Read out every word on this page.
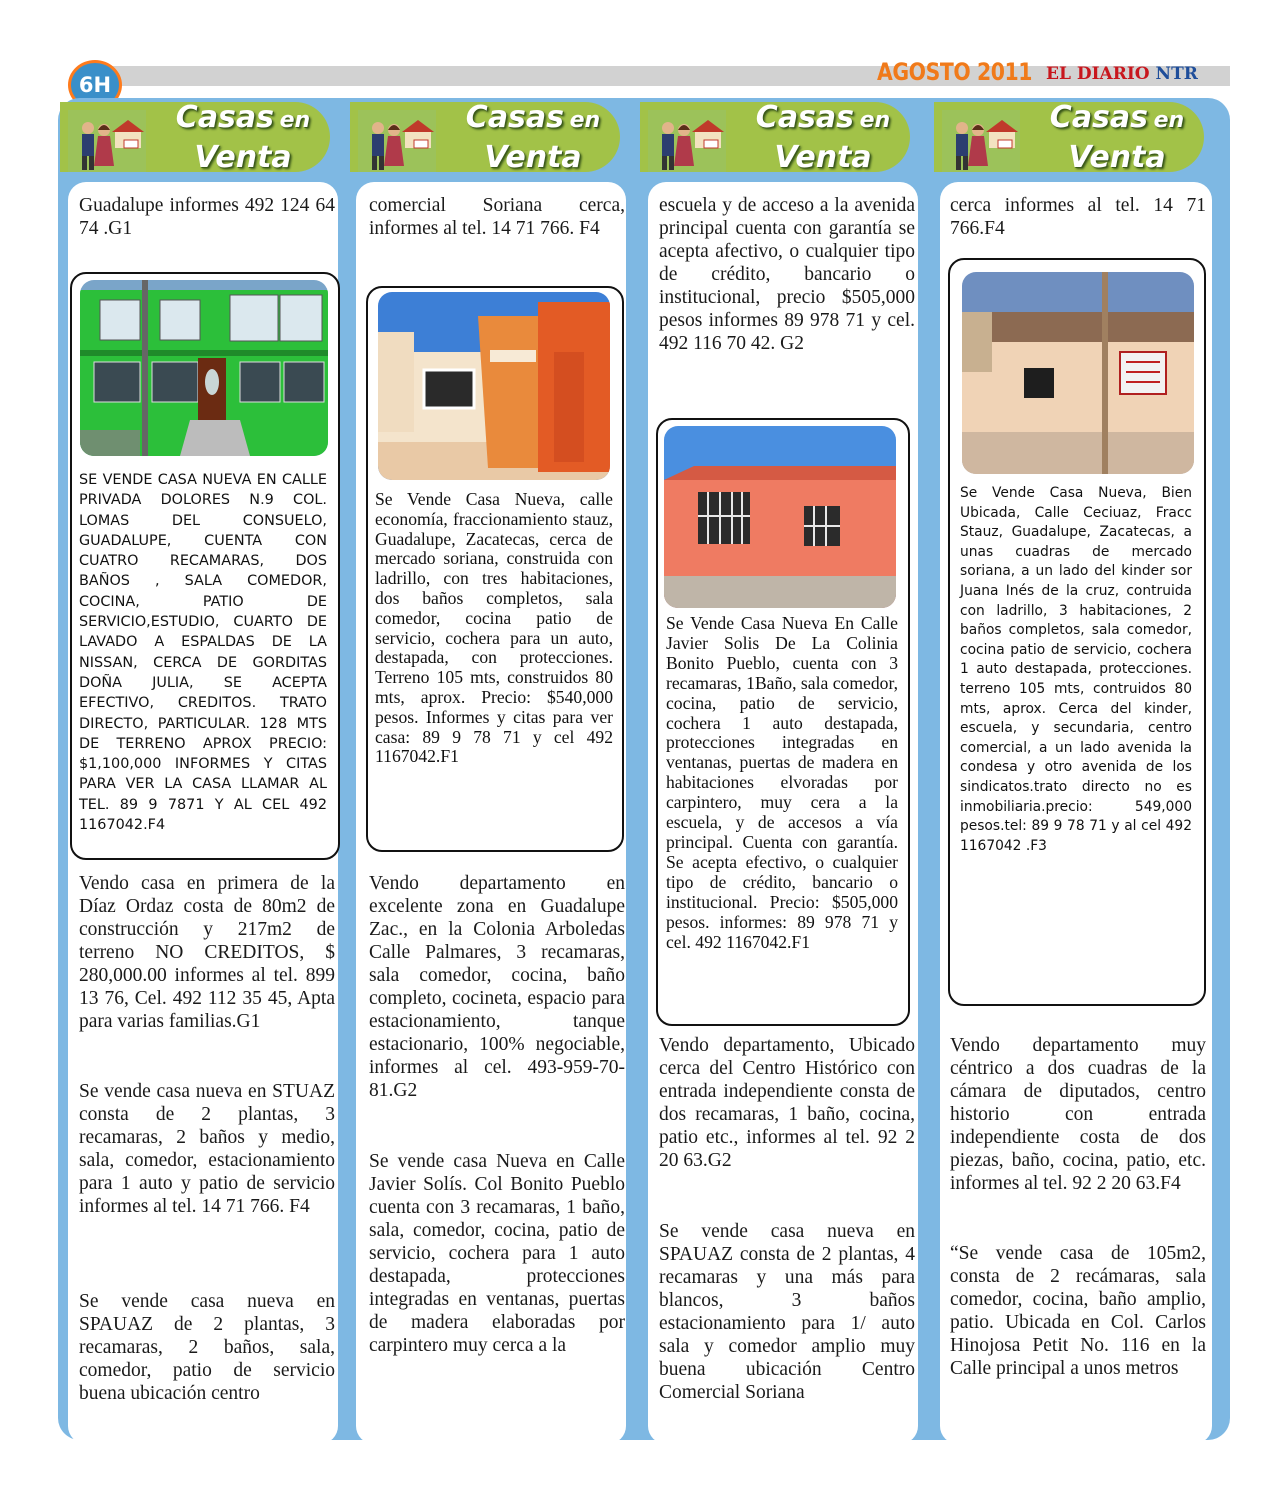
6H	AGOSTO 2011 EL DIARIO NTR
Casas en
Venta

Guadalupe informes 492 124 64 74 .G1

SE VENDE CASA NUEVA EN CALLE PRIVADA DOLORES N.9 COL. LOMAS DEL CONSUELO, GUADALUPE, CUENTA CON CUATRO RECAMARAS, DOS BAÑOS , SALA COMEDOR, COCINA, PATIO DE SERVICIO,ESTUDIO, CUARTO DE LAVADO A ESPALDAS DE LA NISSAN, CERCA DE GORDITAS DOÑA JULIA, SE ACEPTA EFECTIVO, CREDITOS. TRATO DIRECTO, PARTICULAR. 128 MTS DE TERRENO APROX PRECIO: $1,100,000 INFORMES Y CITAS PARA VER LA CASA LLAMAR AL TEL. 89 9 7871 Y AL CEL 492 1167042.F4

Vendo casa en primera de la Díaz Ordaz costa de 80m2 de construcción y 217m2 de terreno NO CREDITOS, $ 280,000.00 informes al tel. 899 13 76, Cel. 492 112 35 45, Apta para varias familias.G1

Se vende casa nueva en STUAZ consta de 2 plantas, 3 recamaras, 2 baños y medio, sala, comedor, estacionamiento para 1 auto y patio de servicio informes al tel. 14 71 766. F4

Se vende casa nueva en SPAUAZ de 2 plantas, 3 recamaras, 2 baños, sala, comedor, patio de servicio buena ubicación centro

Casas en
Venta

comercial Soriana cerca, informes al tel. 14 71 766. F4

Se Vende Casa Nueva, calle economía, fraccionamiento stauz, Guadalupe, Zacatecas, cerca de mercado soriana, construida con ladrillo, con tres habitaciones, dos baños completos, sala comedor, cocina patio de servicio, cochera para un auto, destapada, con protecciones. Terreno 105 mts, construidos 80 mts, aprox. Precio: $540,000 pesos. Informes y citas para ver casa: 89 9 78 71 y cel 492 1167042.F1

Vendo departamento en excelente zona en Guadalupe Zac., en la Colonia Arboledas Calle Palmares, 3 recamaras, sala comedor, cocina, baño completo, cocineta, espacio para estacionamiento, tanque estacionario, 100% negociable, informes al cel. 493-959-70-81.G2

Se vende casa Nueva en Calle Javier Solís. Col Bonito Pueblo cuenta con 3 recamaras, 1 baño, sala, comedor, cocina, patio de servicio, cochera para 1 auto destapada, protecciones integradas en ventanas, puertas de madera elaboradas por carpintero muy cerca a la

Casas en
Venta

escuela y de acceso a la avenida principal cuenta con garantía se acepta afectivo, o cualquier tipo de crédito, bancario o institucional, precio $505,000 pesos informes 89 978 71 y cel. 492 116 70 42. G2

Se Vende Casa Nueva En Calle Javier Solis De La Colinia Bonito Pueblo, cuenta con 3 recamaras, 1Baño, sala comedor, cocina, patio de servicio, cochera 1 auto destapada, protecciones integradas en ventanas, puertas de madera en habitaciones elvoradas por carpintero, muy cera a la escuela, y de accesos a vía principal. Cuenta con garantía. Se acepta efectivo, o cualquier tipo de crédito, bancario o institucional. Precio: $505,000 pesos. informes: 89 978 71 y cel. 492 1167042.F1

Vendo departamento, Ubicado cerca del Centro Histórico con entrada independiente consta de dos recamaras, 1 baño, cocina, patio etc., informes al tel. 92 2 20 63.G2

Se vende casa nueva en SPAUAZ consta de 2 plantas, 4 recamaras y una más para blancos, 3 baños estacionamiento para 1/ auto sala y comedor amplio muy buena ubicación Centro Comercial Soriana

Casas en
Venta

cerca informes al tel. 14 71 766.F4

Se Vende Casa Nueva, Bien Ubicada, Calle Ceciuaz, Fracc Stauz, Guadalupe, Zacatecas, a unas cuadras de mercado soriana, a un lado del kinder sor Juana Inés de la cruz, contruida con ladrillo, 3 habitaciones, 2 baños completos, sala comedor, cocina patio de servicio, cochera 1 auto destapada, protecciones. terreno 105 mts, contruidos 80 mts, aprox. Cerca del kinder, escuela, y secundaria, centro comercial, a un lado avenida la condesa y otro avenida de los sindicatos.trato directo no es inmobiliaria.precio: 549,000 pesos.tel: 89 9 78 71 y al cel 492 1167042 .F3

Vendo departamento muy céntrico a dos cuadras de la cámara de diputados, centro historio con entrada independiente costa de dos piezas, baño, cocina, patio, etc. informes al tel. 92 2 20 63.F4

“Se vende casa de 105m2, consta de 2 recámaras, sala comedor, cocina, baño amplio, patio. Ubicada en Col. Carlos Hinojosa Petit No. 116 en la Calle principal a unos metros
